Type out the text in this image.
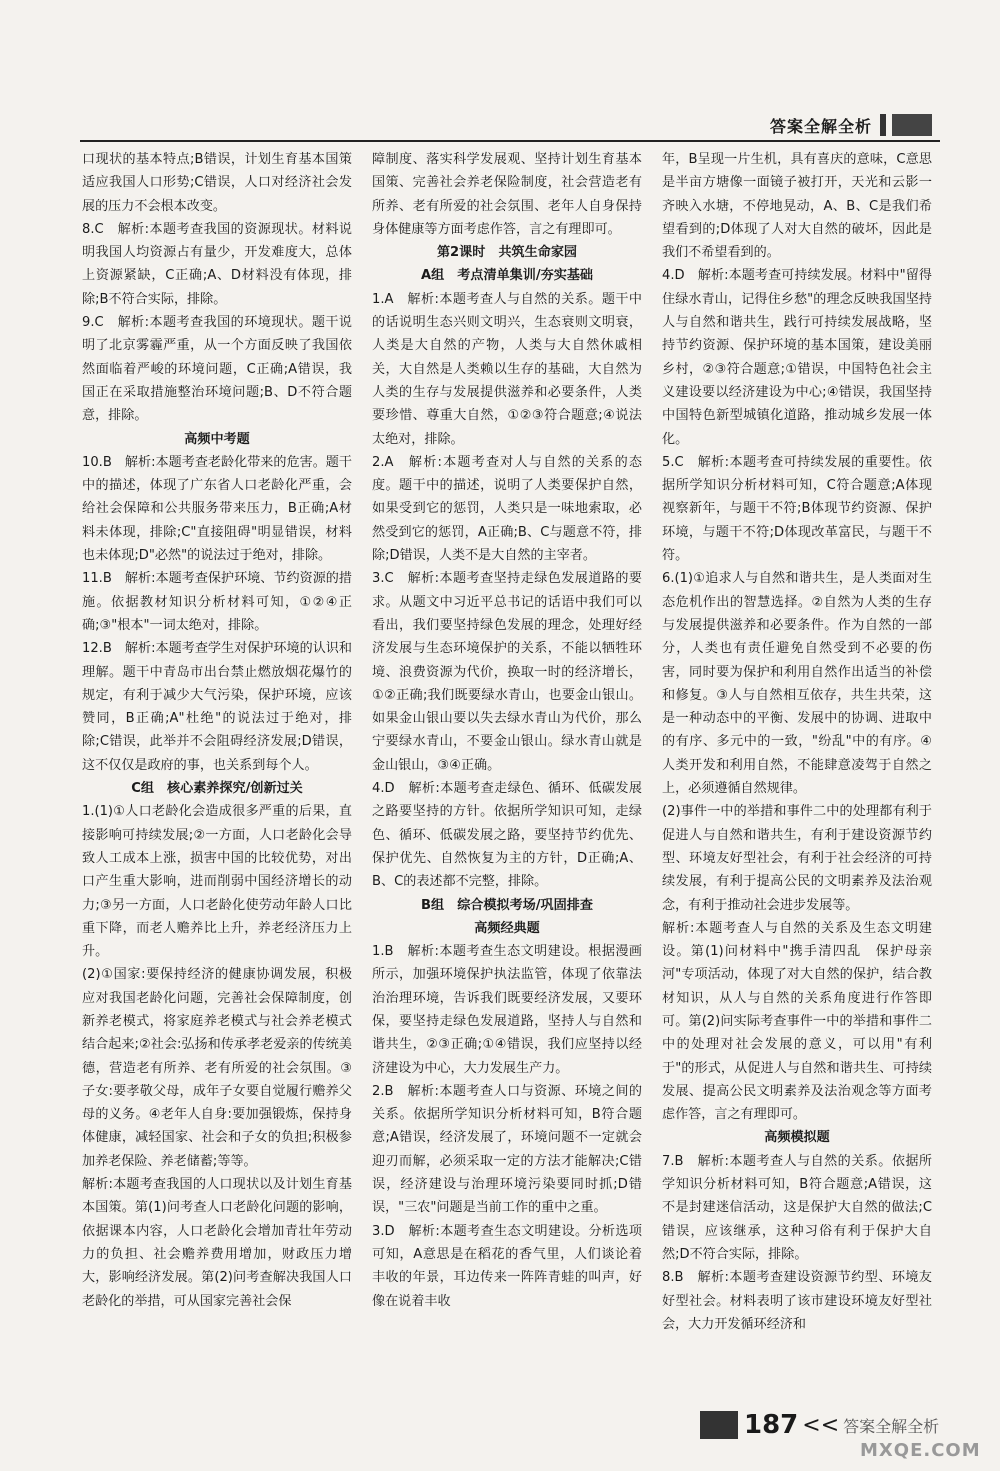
答案全解全析

口现状的基本特点;B错误，计划生育基本国策适应我国人口形势;C错误，人口对经济社会发展的压力不会根本改变。

8.C　解析:本题考查我国的资源现状。材料说明我国人均资源占有量少，开发难度大，总体上资源紧缺，C正确;A、D材料没有体现，排除;B不符合实际，排除。

9.C　解析:本题考查我国的环境现状。题干说明了北京雾霾严重，从一个方面反映了我国依然面临着严峻的环境问题，C正确;A错误，我国正在采取措施整治环境问题;B、D不符合题意，排除。

高频中考题

10.B　解析:本题考查老龄化带来的危害。题干中的描述，体现了广东省人口老龄化严重，会给社会保障和公共服务带来压力，B正确;A材料未体现，排除;C"直接阻碍"明显错误，材料也未体现;D"必然"的说法过于绝对，排除。

11.B　解析:本题考查保护环境、节约资源的措施。依据教材知识分析材料可知，①②④正确;③"根本"一词太绝对，排除。

12.B　解析:本题考查学生对保护环境的认识和理解。题干中青岛市出台禁止燃放烟花爆竹的规定，有利于减少大气污染，保护环境，应该赞同，B正确;A"杜绝"的说法过于绝对，排除;C错误，此举并不会阻碍经济发展;D错误，这不仅仅是政府的事，也关系到每个人。

C组　核心素养探究/创新过关

1.(1)①人口老龄化会造成很多严重的后果，直接影响可持续发展;②一方面，人口老龄化会导致人工成本上涨，损害中国的比较优势，对出口产生重大影响，进而削弱中国经济增长的动力;③另一方面，人口老龄化使劳动年龄人口比重下降，而老人赡养比上升，养老经济压力上升。

(2)①国家:要保持经济的健康协调发展，积极应对我国老龄化问题，完善社会保障制度，创新养老模式，将家庭养老模式与社会养老模式结合起来;②社会:弘扬和传承孝老爱亲的传统美德，营造老有所养、老有所爱的社会氛围。③子女:要孝敬父母，成年子女要自觉履行赡养父母的义务。④老年人自身:要加强锻炼，保持身体健康，减轻国家、社会和子女的负担;积极参加养老保险、养老储蓄;等等。

解析:本题考查我国的人口现状以及计划生育基本国策。第(1)问考查人口老龄化问题的影响，依据课本内容，人口老龄化会增加青壮年劳动力的负担、社会赡养费用增加，财政压力增大，影响经济发展。第(2)问考查解决我国人口老龄化的举措，可从国家完善社会保

障制度、落实科学发展观、坚持计划生育基本国策、完善社会养老保险制度，社会营造老有所养、老有所爱的社会氛围、老年人自身保持身体健康等方面考虑作答，言之有理即可。

第2课时　共筑生命家园

A组　考点清单集训/夯实基础

1.A　解析:本题考查人与自然的关系。题干中的话说明生态兴则文明兴，生态衰则文明衰，人类是大自然的产物，人类与大自然休戚相关，大自然是人类赖以生存的基础，大自然为人类的生存与发展提供滋养和必要条件，人类要珍惜、尊重大自然，①②③符合题意;④说法太绝对，排除。

2.A　解析:本题考查对人与自然的关系的态度。题干中的描述，说明了人类要保护自然，如果受到它的惩罚，人类只是一味地索取，必然受到它的惩罚，A正确;B、C与题意不符，排除;D错误，人类不是大自然的主宰者。

3.C　解析:本题考查坚持走绿色发展道路的要求。从题文中习近平总书记的话语中我们可以看出，我们要坚持绿色发展的理念，处理好经济发展与生态环境保护的关系，不能以牺牲环境、浪费资源为代价，换取一时的经济增长，①②正确;我们既要绿水青山，也要金山银山。如果金山银山要以失去绿水青山为代价，那么宁要绿水青山，不要金山银山。绿水青山就是金山银山，③④正确。

4.D　解析:本题考查走绿色、循环、低碳发展之路要坚持的方针。依据所学知识可知，走绿色、循环、低碳发展之路，要坚持节约优先、保护优先、自然恢复为主的方针，D正确;A、B、C的表述都不完整，排除。

B组　综合模拟考场/巩固排查

高频经典题

1.B　解析:本题考查生态文明建设。根据漫画所示，加强环境保护执法监管，体现了依靠法治治理环境，告诉我们既要经济发展，又要环保，要坚持走绿色发展道路，坚持人与自然和谐共生，②③正确;①④错误，我们应坚持以经济建设为中心，大力发展生产力。

2.B　解析:本题考查人口与资源、环境之间的关系。依据所学知识分析材料可知，B符合题意;A错误，经济发展了，环境问题不一定就会迎刃而解，必须采取一定的方法才能解决;C错误，经济建设与治理环境污染要同时抓;D错误，"三农"问题是当前工作的重中之重。

3.D　解析:本题考查生态文明建设。分析选项可知，A意思是在稻花的香气里，人们谈论着丰收的年景，耳边传来一阵阵青蛙的叫声，好像在说着丰收

年，B呈现一片生机，具有喜庆的意味，C意思是半亩方塘像一面镜子被打开，天光和云影一齐映入水塘，不停地晃动，A、B、C是我们希望看到的;D体现了人对大自然的破坏，因此是我们不希望看到的。

4.D　解析:本题考查可持续发展。材料中"留得住绿水青山，记得住乡愁"的理念反映我国坚持人与自然和谐共生，践行可持续发展战略，坚持节约资源、保护环境的基本国策，建设美丽乡村，②③符合题意;①错误，中国特色社会主义建设要以经济建设为中心;④错误，我国坚持中国特色新型城镇化道路，推动城乡发展一体化。

5.C　解析:本题考查可持续发展的重要性。依据所学知识分析材料可知，C符合题意;A体现视察新年，与题干不符;B体现节约资源、保护环境，与题干不符;D体现改革富民，与题干不符。

6.(1)①追求人与自然和谐共生，是人类面对生态危机作出的智慧选择。②自然为人类的生存与发展提供滋养和必要条件。作为自然的一部分，人类也有责任避免自然受到不必要的伤害，同时要为保护和利用自然作出适当的补偿和修复。③人与自然相互依存，共生共荣，这是一种动态中的平衡、发展中的协调、进取中的有序、多元中的一致，"纷乱"中的有序。④人类开发和利用自然，不能肆意凌驾于自然之上，必须遵循自然规律。

(2)事件一中的举措和事件二中的处理都有利于促进人与自然和谐共生，有利于建设资源节约型、环境友好型社会，有利于社会经济的可持续发展，有利于提高公民的文明素养及法治观念，有利于推动社会进步发展等。

解析:本题考查人与自然的关系及生态文明建设。第(1)问材料中"携手清四乱　保护母亲河"专项活动，体现了对大自然的保护，结合教材知识，从人与自然的关系角度进行作答即可。第(2)问实际考查事件一中的举措和事件二中的处理对社会发展的意义，可以用"有利于"的形式，从促进人与自然和谐共生、可持续发展、提高公民文明素养及法治观念等方面考虑作答，言之有理即可。

高频模拟题

7.B　解析:本题考查人与自然的关系。依据所学知识分析材料可知，B符合题意;A错误，这不是封建迷信活动，这是保护大自然的做法;C错误，应该继承，这种习俗有利于保护大自然;D不符合实际，排除。

8.B　解析:本题考查建设资源节约型、环境友好型社会。材料表明了该市建设环境友好型社会，大力开发循环经济和

187 << 答案全解全析
MXQE.COM
